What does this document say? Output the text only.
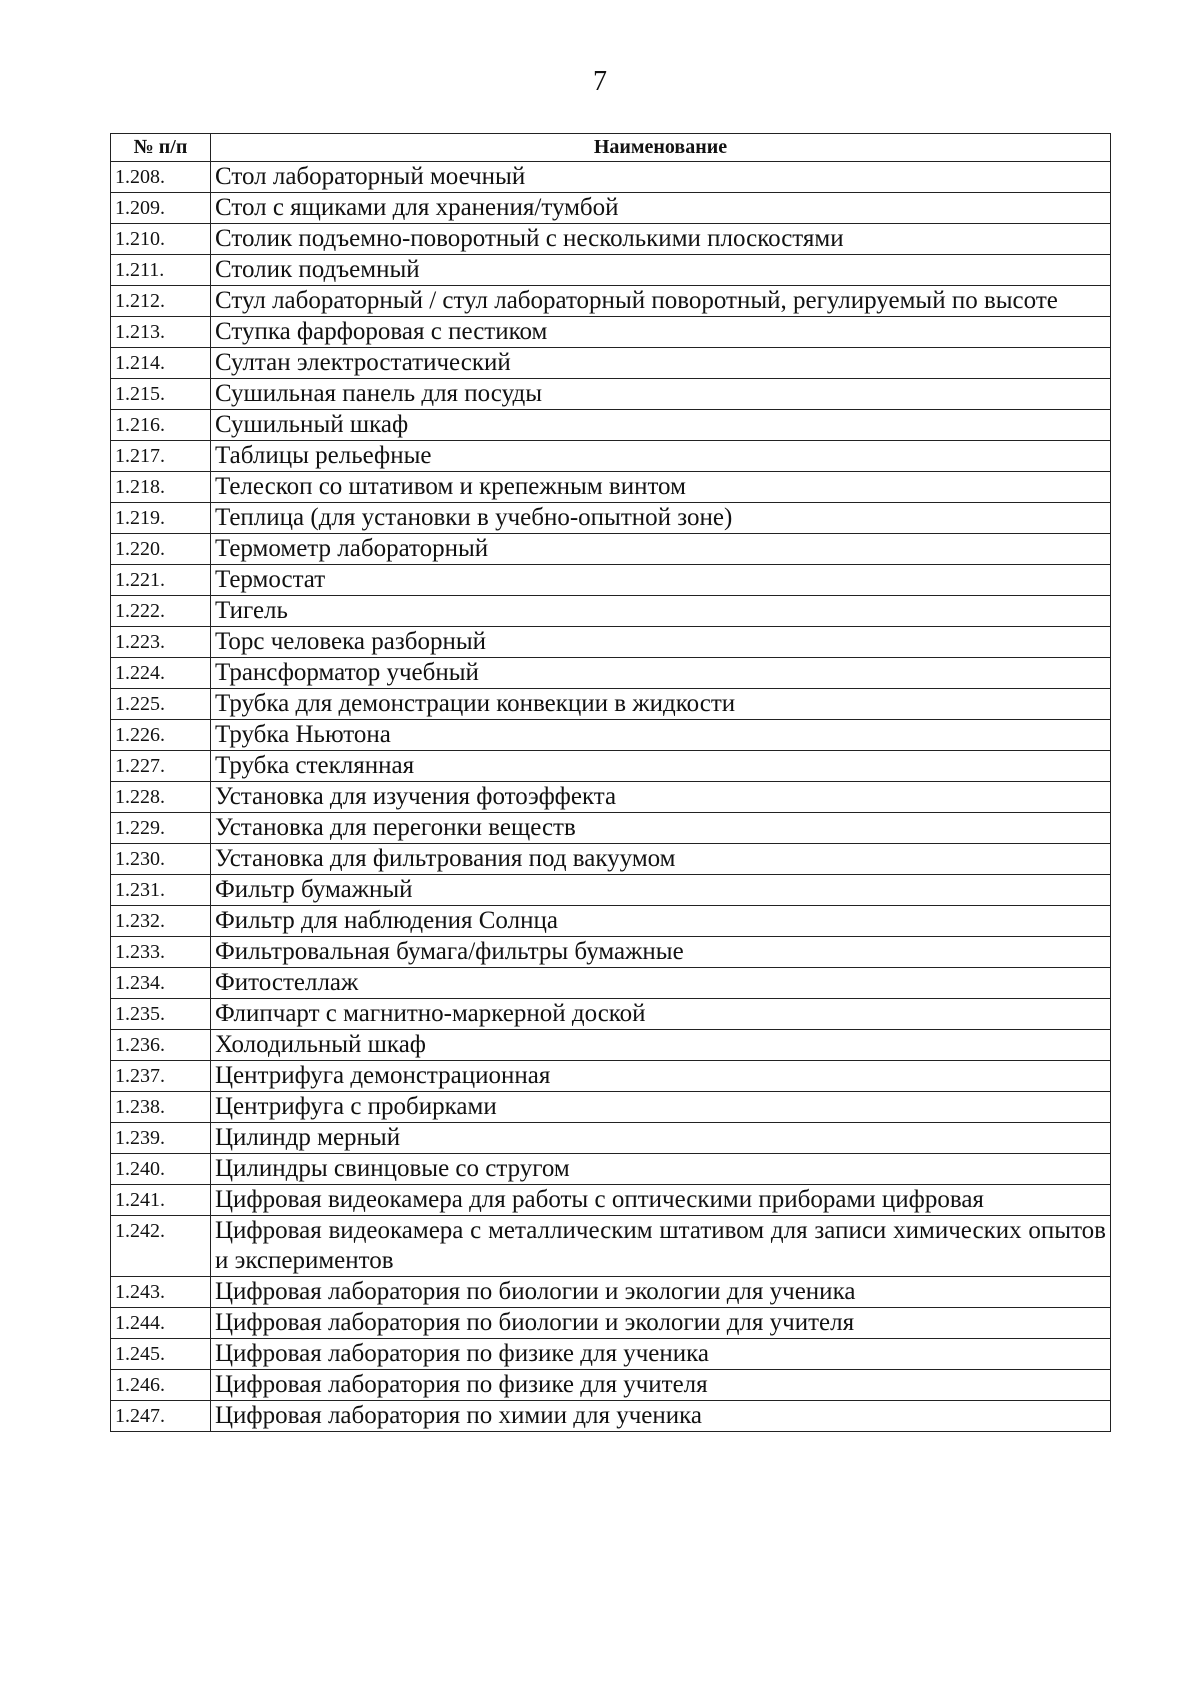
7
№ п/п	Наименование
1.208.	Стол лабораторный моечный
1.209.	Стол с ящиками для хранения/тумбой
1.210.	Столик подъемно-поворотный с несколькими плоскостями
1.211.	Столик подъемный
1.212.	Стул лабораторный / стул лабораторный поворотный, регулируемый по высоте
1.213.	Ступка фарфоровая с пестиком
1.214.	Султан электростатический
1.215.	Сушильная панель для посуды
1.216.	Сушильный шкаф
1.217.	Таблицы рельефные
1.218.	Телескоп со штативом и крепежным винтом
1.219.	Теплица (для установки в учебно-опытной зоне)
1.220.	Термометр лабораторный
1.221.	Термостат
1.222.	Тигель
1.223.	Торс человека разборный
1.224.	Трансформатор учебный
1.225.	Трубка для демонстрации конвекции в жидкости
1.226.	Трубка Ньютона
1.227.	Трубка стеклянная
1.228.	Установка для изучения фотоэффекта
1.229.	Установка для перегонки веществ
1.230.	Установка для фильтрования под вакуумом
1.231.	Фильтр бумажный
1.232.	Фильтр для наблюдения Солнца
1.233.	Фильтровальная бумага/фильтры бумажные
1.234.	Фитостеллаж
1.235.	Флипчарт с магнитно-маркерной доской
1.236.	Холодильный шкаф
1.237.	Центрифуга демонстрационная
1.238.	Центрифуга с пробирками
1.239.	Цилиндр мерный
1.240.	Цилиндры свинцовые со стругом
1.241.	Цифровая видеокамера для работы с оптическими приборами цифровая
1.242.	Цифровая видеокамера с металлическим штативом для записи химических опытов и экспериментов
1.243.	Цифровая лаборатория по биологии и экологии для ученика
1.244.	Цифровая лаборатория по биологии и экологии для учителя
1.245.	Цифровая лаборатория по физике для ученика
1.246.	Цифровая лаборатория по физике для учителя
1.247.	Цифровая лаборатория по химии для ученика
